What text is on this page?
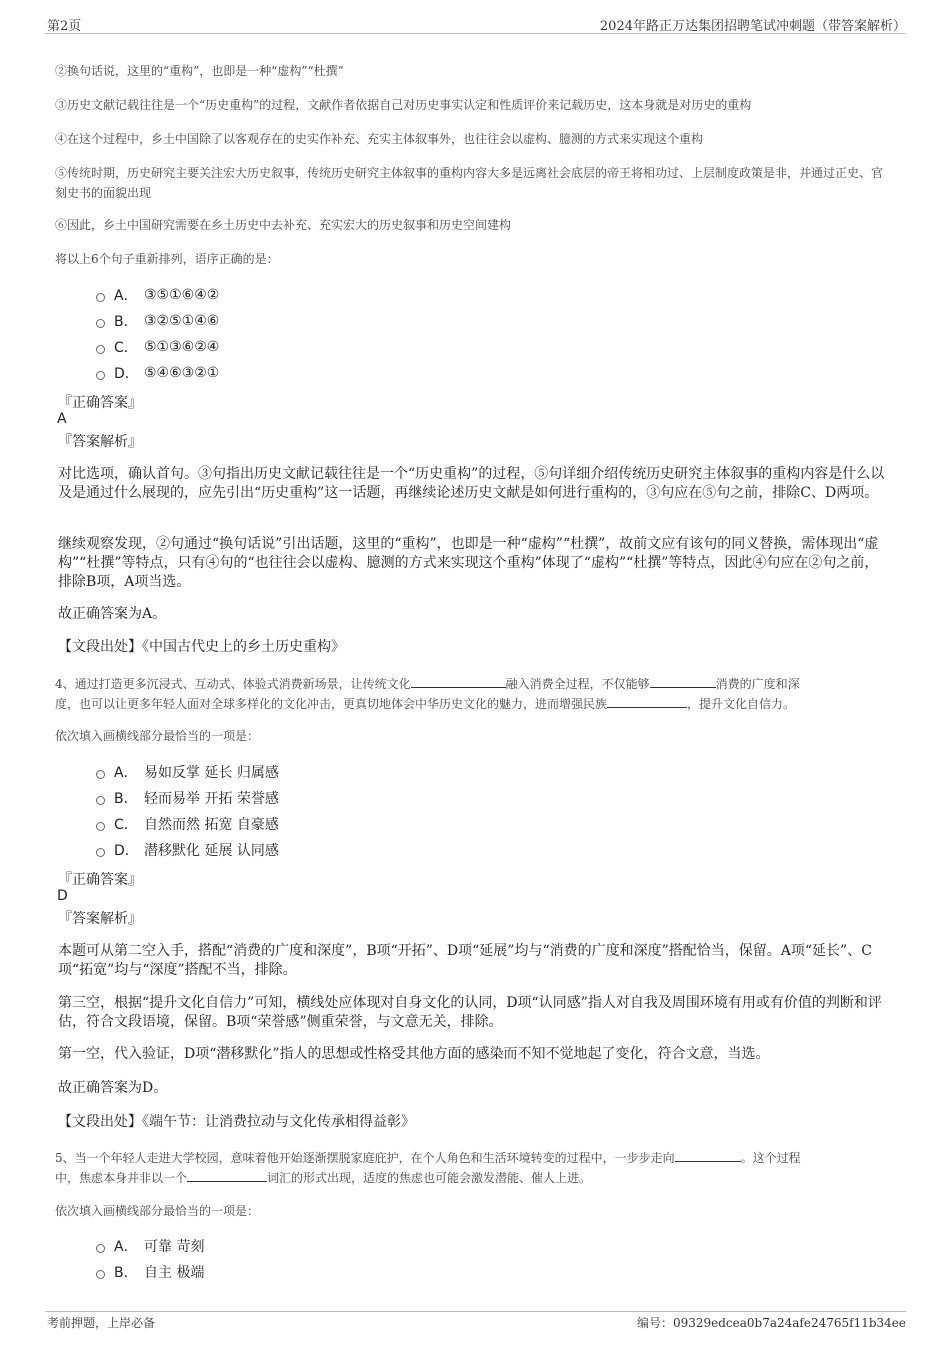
第2页	2024年路正万达集团招聘笔试冲刺题（带答案解析）
②换句话说，这里的“重构”，也即是一种“虚构”“杜撰”
③历史文献记载往往是一个“历史重构”的过程，文献作者依据自己对历史事实认定和性质评价来记载历史，这本身就是对历史的重构
④在这个过程中，乡土中国除了以客观存在的史实作补充、充实主体叙事外，也往往会以虚构、臆测的方式来实现这个重构
⑤传统时期，历史研究主要关注宏大历史叙事，传统历史研究主体叙事的重构内容大多是远离社会底层的帝王将相功过、上层制度政策是非，并通过正史、官刻史书的面貌出现
⑥因此，乡土中国研究需要在乡土历史中去补充、充实宏大的历史叙事和历史空间建构
将以上6个句子重新排列，语序正确的是：
A． ③⑤①⑥④②
B． ③②⑤①④⑥
C． ⑤①③⑥②④
D． ⑤④⑥③②①
『正确答案』
A
『答案解析』
对比选项，确认首句。③句指出历史文献记载往往是一个“历史重构”的过程，⑤句详细介绍传统历史研究主体叙事的重构内容是什么以及是通过什么展现的，应先引出“历史重构”这一话题，再继续论述历史文献是如何进行重构的，③句应在⑤句之前，排除C、D两项。
继续观察发现，②句通过“换句话说”引出话题，这里的“重构”，也即是一种“虚构”“杜撰”，故前文应有该句的同义替换，需体现出“虚构”“杜撰”等特点，只有④句的“也往往会以虚构、臆测的方式来实现这个重构”体现了“虚构”“杜撰”等特点，因此④句应在②句之前，排除B项，A项当选。
故正确答案为A。
【文段出处】《中国古代史上的乡土历史重构》
4、通过打造更多沉浸式、互动式、体验式消费新场景，让传统文化	融入消费全过程，不仅能够	消费的广度和深
度，也可以让更多年轻人面对全球多样化的文化冲击，更真切地体会中华历史文化的魅力，进而增强民族	，提升文化自信力。
依次填入画横线部分最恰当的一项是：
A． 易如反掌 延长 归属感
B． 轻而易举 开拓 荣誉感
C． 自然而然 拓宽 自豪感
D． 潜移默化 延展 认同感
『正确答案』
D
『答案解析』
本题可从第二空入手，搭配“消费的广度和深度”，B项“开拓”、D项“延展”均与“消费的广度和深度”搭配恰当，保留。A项“延长”、C项“拓宽”均与“深度”搭配不当，排除。
第三空，根据“提升文化自信力”可知，横线处应体现对自身文化的认同，D项“认同感”指人对自我及周围环境有用或有价值的判断和评估，符合文段语境，保留。B项“荣誉感”侧重荣誉，与文意无关，排除。
第一空，代入验证，D项“潜移默化”指人的思想或性格受其他方面的感染而不知不觉地起了变化，符合文意，当选。
故正确答案为D。
【文段出处】《端午节：让消费拉动与文化传承相得益彰》
5、当一个年轻人走进大学校园，意味着他开始逐渐摆脱家庭庇护，在个人角色和生活环境转变的过程中，一步步走向	。这个过程
中，焦虑本身并非以一个	词汇的形式出现，适度的焦虑也可能会激发潜能、催人上进。
依次填入画横线部分最恰当的一项是：
A． 可靠 苛刻
B． 自主 极端
考前押题，上岸必备	编号：09329edcea0b7a24afe24765f11b34ee
